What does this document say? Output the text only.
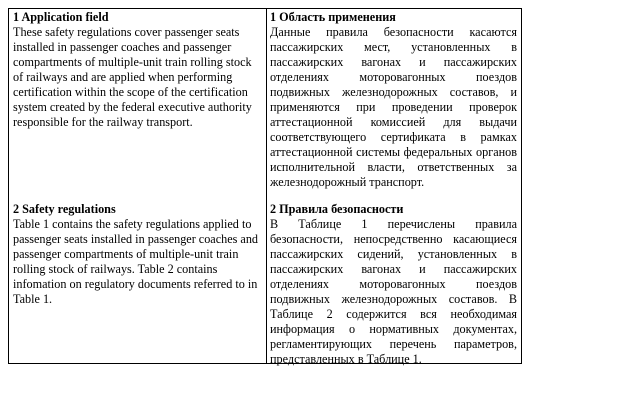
1 Application field
These safety regulations cover passenger seats installed in passenger coaches and passenger compartments of multiple-unit train rolling stock of railways and are applied when performing certification within the scope of the certification system created by the federal executive authority responsible for the railway transport.
2 Safety regulations
Table 1 contains the safety regulations applied to passenger seats installed in passenger coaches and passenger compartments of multiple-unit train rolling stock of railways. Table 2 contains infomation on regulatory documents referred to in Table 1.
1 Область применения
Данные правила безопасности касаются пассажирских мест, установленных в пассажирских вагонах и пассажирских отделениях моторовагонных поездов подвижных железнодорожных составов, и применяются при проведении проверок аттестационной комиссией для выдачи соответствующего сертификата в рамках аттестационной системы федеральных органов исполнительной власти, ответственных за железнодорожный транспорт.
2 Правила безопасности
В Таблице 1 перечислены правила безопасности, непосредственно касающиеся пассажирских сидений, установленных в пассажирских вагонах и пассажирских отделениях моторовагонных поездов подвижных железнодорожных составов. В Таблице 2 содержится вся необходимая информация о нормативных документах, регламентирующих перечень параметров, представленных в Таблице 1.
